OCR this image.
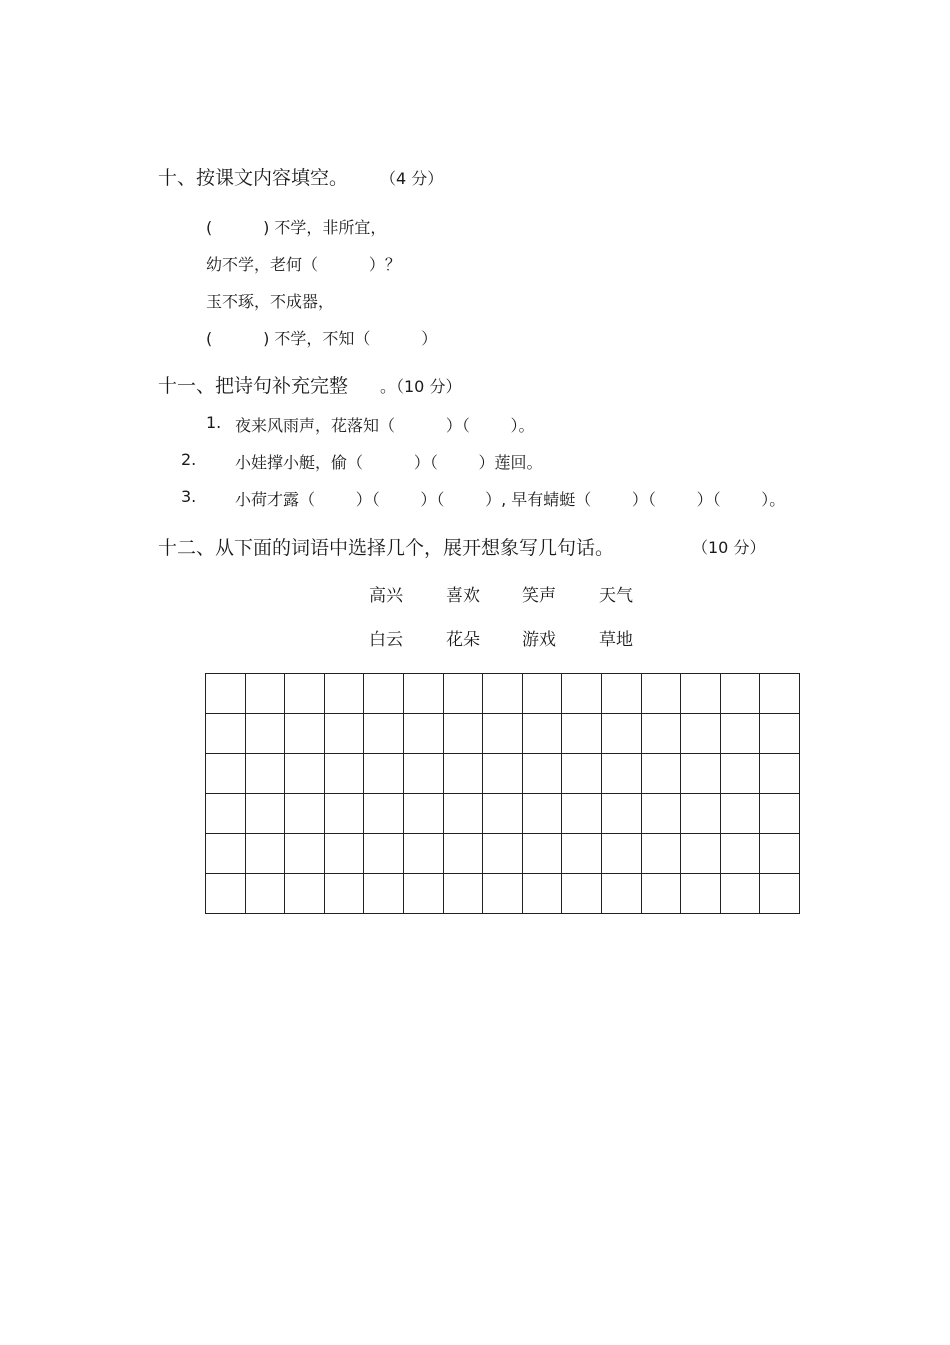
十、按课文内容填空。 （4 分）
(          ) 不学，非所宜，
幼不学，老何（          ）？
玉不琢，不成器，
(          ) 不学，不知（          ）
十一、把诗句补充完整 。（10 分）
1. 夜来风雨声，花落知（          ）（        ）。
2. 小娃撑小艇，偷（          ）（        ）莲回。
3. 小荷才露（        ）（        ）（        ）, 早有蜻蜓（        ）（        ）（        ）。
十二、从下面的词语中选择几个，展开想象写几句话。	（10 分）
高兴	喜欢 笑声	天气
白云	花朵 游戏	草地
